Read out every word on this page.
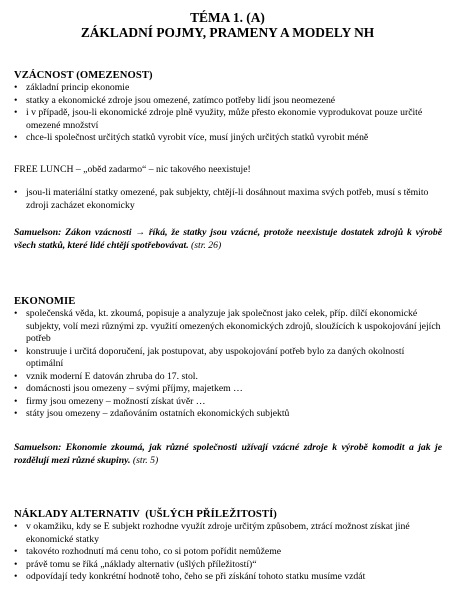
TÉMA 1. (A)
ZÁKLADNÍ POJMY, PRAMENY A MODELY NH
VZÁCNOST (OMEZENOST)
• základní princip ekonomie
• statky a ekonomické zdroje jsou omezené, zatímco potřeby lidí jsou neomezené
• i v případě, jsou-li ekonomické zdroje plně využity, může přesto ekonomie vyprodukovat pouze určité omezené množství
• chce-li společnost určitých statků vyrobit více, musí jiných určitých statků vyrobit méně
FREE LUNCH – „oběd zadarmo“ – nic takového neexistuje!
• jsou-li materiální statky omezené, pak subjekty, chtějí-li dosáhnout maxima svých potřeb, musí s těmito zdroji zacházet ekonomicky
Samuelson: Zákon vzácnosti → říká, že statky jsou vzácné, protože neexistuje dostatek zdrojů k výrobě všech statků, které lidé chtějí spotřebovávat. (str. 26)
EKONOMIE
• společenská věda, kt. zkoumá, popisuje a analyzuje jak společnost jako celek, příp. dílčí ekonomické subjekty, volí mezi různými zp. využití omezených ekonomických zdrojů, sloužících k uspokojování jejích potřeb
• konstruuje i určitá doporučení, jak postupovat, aby uspokojování potřeb bylo za daných okolností optimální
• vznik moderní E datován zhruba do 17. stol.
• domácnosti jsou omezeny – svými příjmy, majetkem …
• firmy jsou omezeny – možností získat úvěr …
• státy jsou omezeny – zdaňováním ostatních ekonomických subjektů
Samuelson: Ekonomie zkoumá, jak různé společnosti užívají vzácné zdroje k výrobě komodit a jak je rozdělují mezi různé skupiny. (str. 5)
NÁKLADY ALTERNATIV  (UŠLÝCH PŘÍLEŽITOSTÍ)
• v okamžiku, kdy se E subjekt rozhodne využít zdroje určitým způsobem, ztrácí možnost získat jiné ekonomické statky
• takovéto rozhodnutí má cenu toho, co si potom pořídit nemůžeme
• právě tomu se říká „náklady alternativ (ušlých příležitostí)“
• odpovídají tedy konkrétní hodnotě toho, čeho se při získání tohoto statku musíme vzdát
